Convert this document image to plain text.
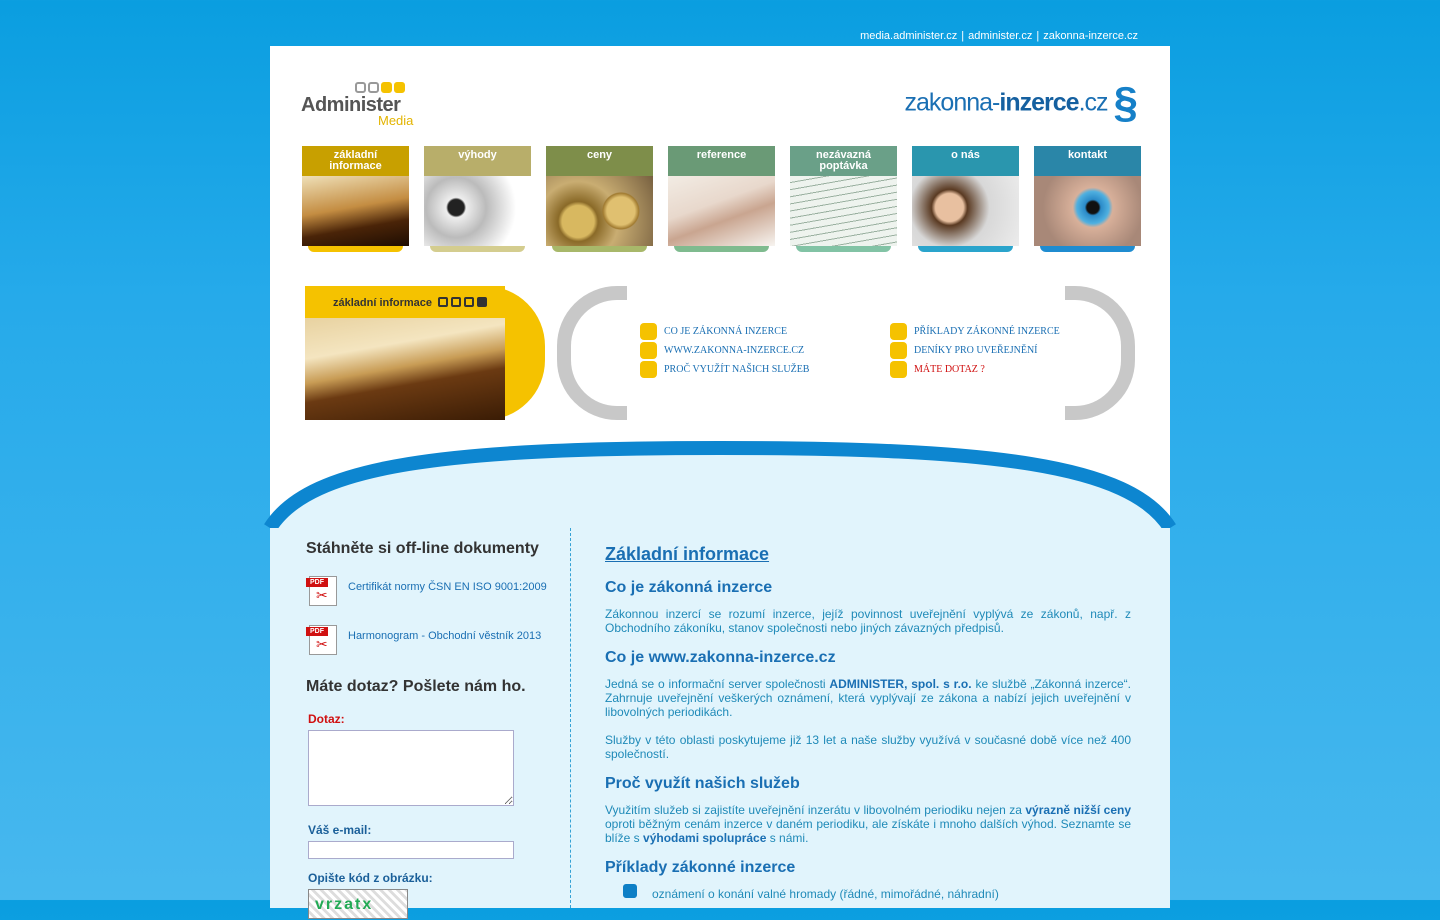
media.administer.cz | administer.cz | zakonna-inzerce.cz
Administer
Media
zakonna-inzerce.cz §
základní
informace
výhody	ceny	reference	nezávazná
poptávka
o nás	kontakt
základní informace
CO JE ZÁKONNÁ INZERCE
WWW.ZAKONNA-INZERCE.CZ
PROČ VYUŽÍT NAŠICH SLUŽEB
PŘÍKLADY ZÁKONNÉ INZERCE
DENÍKY PRO UVEŘEJNĚNÍ
MÁTE DOTAZ ?
Stáhněte si off-line dokumenty
PDF
✂ Certifikát normy ČSN EN ISO 9001:2009
PDF
✂ Harmonogram - Obchodní věstník 2013
Máte dotaz? Pošlete nám ho.
Dotaz:
Váš e-mail:
Opište kód z obrázku:
vrzatx
Základní informace
Co je zákonná inzerce

Zákonnou inzercí se rozumí inzerce, jejíž povinnost uveřejnění vyplývá ze zákonů, např. z Obchodního zákoníku, stanov společnosti nebo jiných závazných předpisů.

Co je www.zakonna-inzerce.cz

Jedná se o informační server společnosti ADMINISTER, spol. s r.o. ke službě „Zákonná inzerce“. Zahrnuje uveřejnění veškerých oznámení, která vyplývají ze zákona a nabízí jejich uveřejnění v libovolných periodikách.

Služby v této oblasti poskytujeme již 13 let a naše služby využívá v současné době více než 400 společností.

Proč využít našich služeb

Využitím služeb si zajistíte uveřejnění inzerátu v libovolném periodiku nejen za výrazně nižší ceny oproti běžným cenám inzerce v daném periodiku, ale získáte i mnoho dalších výhod. Seznamte se blíže s výhodami spolupráce s námi.

Příklady zákonné inzerce
oznámení o konání valné hromady (řádné, mimořádné, náhradní)
